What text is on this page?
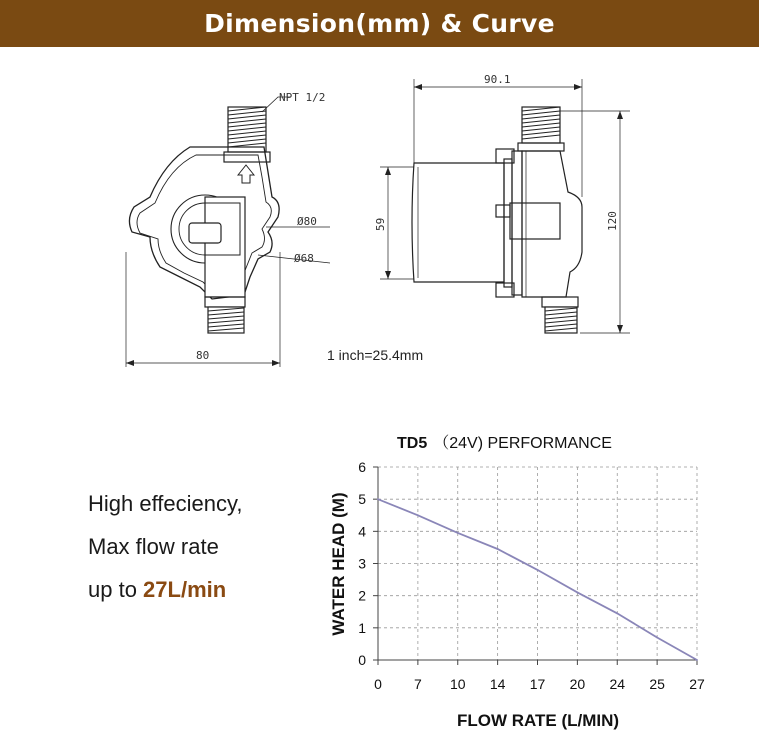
Dimension(mm) & Curve
NPT 1/2
Ø80
Ø68
80
90.1
59	120
1 inch=25.4mm
High effeciency,
Max flow rate
up to 27L/min
TD5 （24V) PERFORMANCE
0
1
2
3
4
5
6
0 7 10 14 17 20 24 25 27
FLOW RATE (L/MIN)
WATER HEAD (M)
